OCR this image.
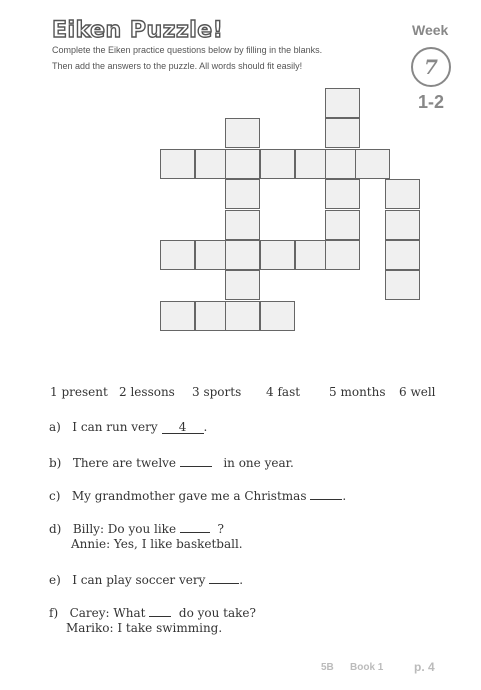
Eiken Puzzle!
Complete the Eiken practice questions below by filling in the blanks.
Then add the answers to the puzzle. All words should fit easily!
Week
7
1-2
1 present 2 lessons 3 sports 4 fast 5 months 6 well
a) I can run very 4 .
b) There are twelve	in one year.
c) My grandmother gave me a Christmas	.
d) Billy: Do you like	?
Annie: Yes, I like basketball.
e) I can play soccer very	.
f) Carey: What	do you take?
Mariko: I take swimming.
5B Book 1	p. 4
